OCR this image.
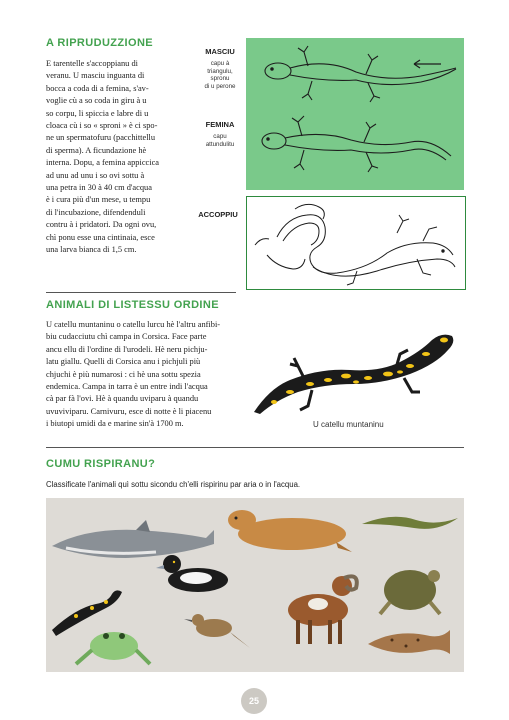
A RIPRUDUZZIONE
E tarentelle s'accoppianu di
veranu. U masciu inguanta di
bocca a coda di a femina, s'av-
voglie cù a so coda in giru à u
so corpu, li spiccia e labre di u
cloaca cù i so « sproni » è ci spo-
ne un spermatofuru (pacchittellu
di sperma). A ficundazione hè
interna. Dopu, a femina appiccica
ad unu ad unu i so ovi sottu à
una petra in 30 à 40 cm d'acqua
è i cura più d'un mese, u tempu
di l'incubazione, difendenduli
contru à i pridatori. Da ogni ovu,
chì ponu esse una cintinaia, esce
una larva bianca di 1,5 cm.
MASCIU
capu à
triangulu,
spronu
di u perone
FEMINA
capu
attundulitu
ACCOPPIU
ANIMALI DI LISTESSU ORDINE
U catellu muntaninu o catellu lurcu hè l'altru anfibi-
biu cudacciutu chì campa in Corsica. Face parte
ancu ellu di l'ordine di l'urodeli. Hè neru pichju-
latu giallu. Quelli di Corsica anu i pichjuli più
chjuchi è più numarosi : ci hè una sottu spezia
endemica. Campa in tarra è un entre indi l'acqua
cà par fà l'ovi. Hè à quandu uviparu à quandu
uvuviviparu. Carnivuru, esce di notte è li piacenu
i biutopi umidi da e marine sin'à 1700 m.	U catellu muntaninu
CUMU RISPIRANU?
Classificate l'animali quì sottu sicondu ch'elli rispirinu par aria o in l'acqua.
25
